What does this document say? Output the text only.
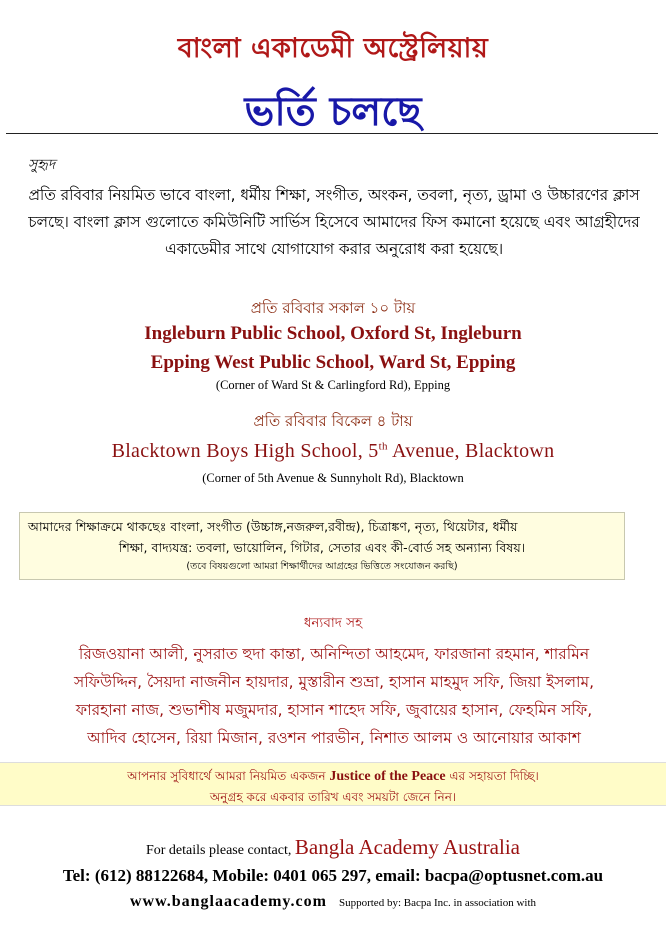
বাংলা একাডেমী অস্ট্রেলিয়ায়
ভর্তি চলছে
সুহৃদ
প্রতি রবিবার নিয়মিত ভাবে বাংলা, ধর্মীয় শিক্ষা, সংগীত, অংকন, তবলা, নৃত্য, ড্রামা ও উচ্চারণের ক্লাস চলছে। বাংলা ক্লাস গুলোতে কমিউনিটি সার্ভিস হিসেবে আমাদের ফিস কমানো হয়েছে এবং আগ্রহীদের একাডেমীর সাথে যোগাযোগ করার অনুরোধ করা হয়েছে।
প্রতি রবিবার সকাল ১০ টায়
Ingleburn Public School, Oxford St, Ingleburn
Epping West Public School, Ward St, Epping
(Corner of Ward St & Carlingford Rd), Epping
প্রতি রবিবার বিকেল ৪ টায়
Blacktown Boys High School, 5th Avenue, Blacktown
(Corner of 5th Avenue & Sunnyholt Rd), Blacktown
আমাদের শিক্ষাক্রমে থাকছেঃ বাংলা, সংগীত (উচ্চাঙ্গ,নজরুল,রবীন্দ্র), চিত্রাঙ্কণ, নৃত্য, থিয়েটার, ধর্মীয়
শিক্ষা, বাদ্যযন্ত্র: তবলা, ভায়োলিন, গিটার, সেতার এবং কী-বোর্ড সহ অন্যান্য বিষয়।
(তবে বিষয়গুলো আমরা শিক্ষার্থীদের আগ্রহের ভিত্তিতে সংযোজন করছি)
ধন্যবাদ সহ
রিজওয়ানা আলী, নুসরাত হুদা কান্তা, অনিন্দিতা আহমেদ, ফারজানা রহমান, শারমিন
সফিউদ্দিন, সৈয়দা নাজনীন হায়দার, মুস্তারীন শুভ্রা, হাসান মাহমুদ সফি, জিয়া ইসলাম,
ফারহানা নাজ, শুভাশীষ মজুমদার, হাসান শাহেদ সফি, জুবায়ের হাসান, ফেহমিন সফি,
আদিব হোসেন, রিয়া মিজান, রওশন পারভীন, নিশাত আলম ও আনোয়ার আকাশ
আপনার সুবিধার্থে আমরা নিয়মিত একজন Justice of the Peace এর সহায়তা দিচ্ছি।
অনুগ্রহ করে একবার তারিখ এবং সময়টা জেনে নিন।
For details please contact, Bangla Academy Australia
Tel: (612) 88122684, Mobile: 0401 065 297, email: bacpa@optusnet.com.au
www.banglaacademy.com Supported by: Bacpa Inc. in association with
